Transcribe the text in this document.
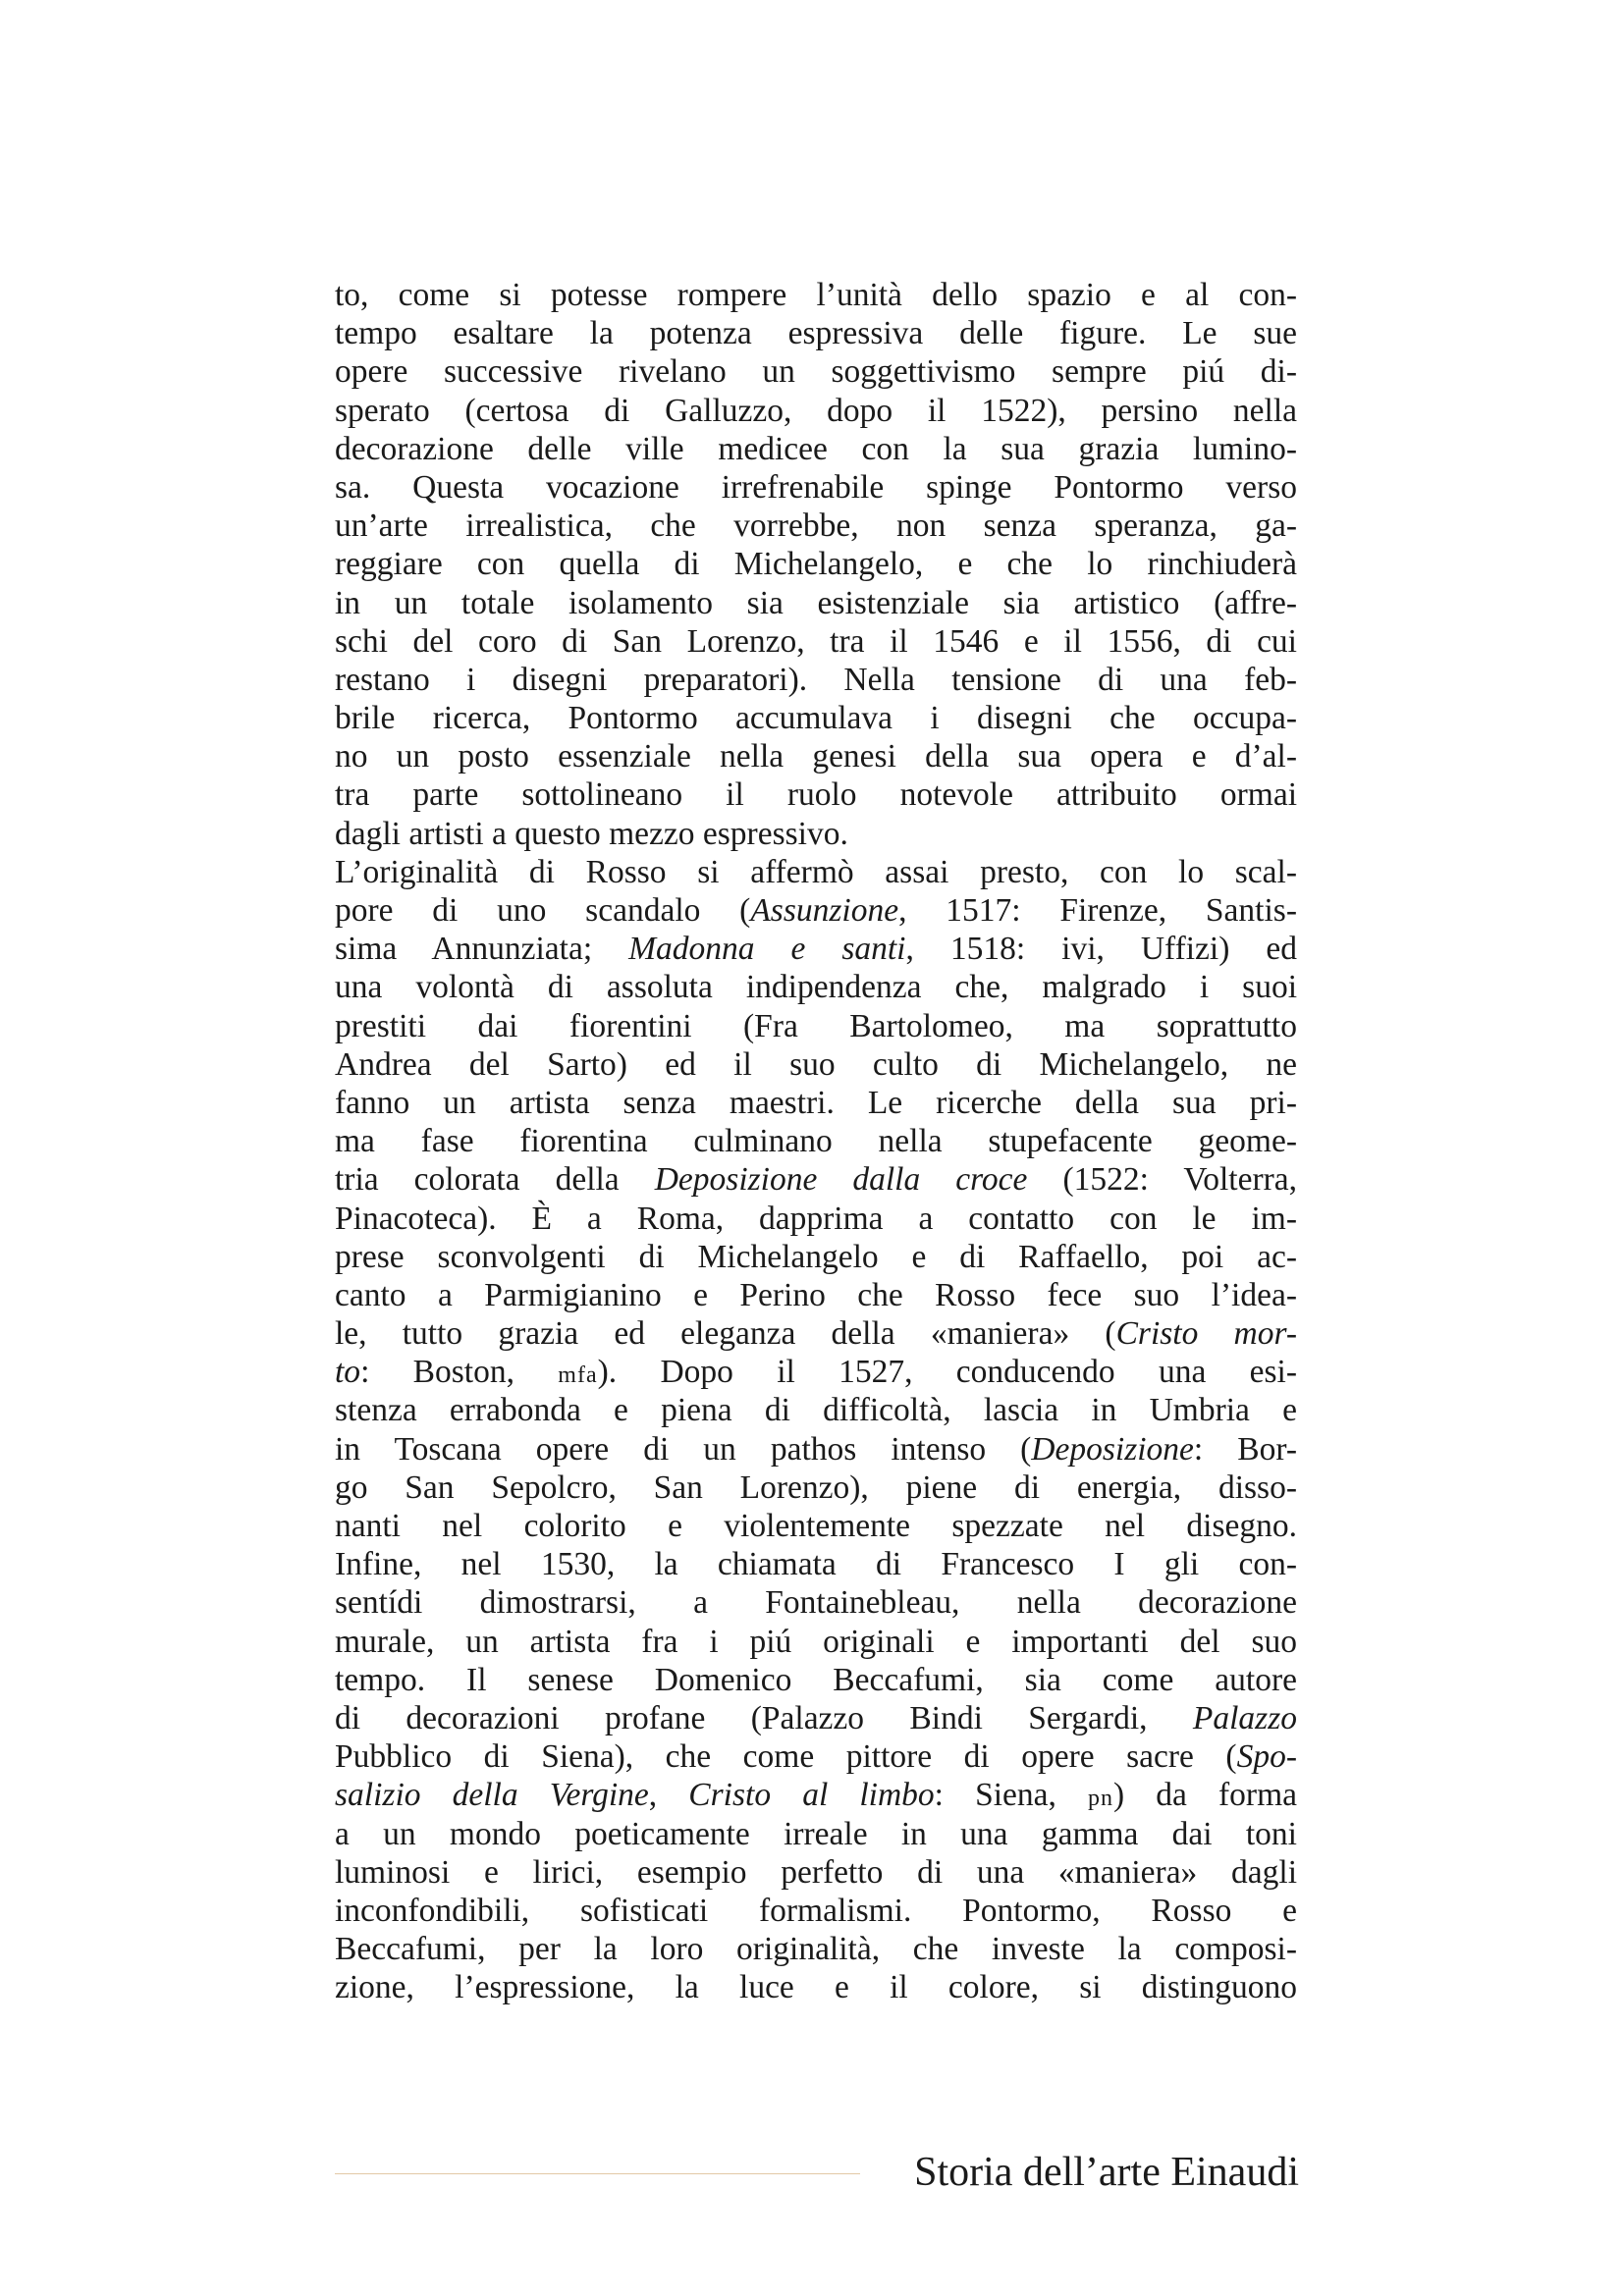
to, come si potesse rompere l’unità dello spazio e al con-
tempo esaltare la potenza espressiva delle figure. Le sue
opere successive rivelano un soggettivismo sempre piú di-
sperato (certosa di Galluzzo, dopo il 1522), persino nella
decorazione delle ville medicee con la sua grazia lumino-
sa. Questa vocazione irrefrenabile spinge Pontormo verso
un’arte irrealistica, che vorrebbe, non senza speranza, ga-
reggiare con quella di Michelangelo, e che lo rinchiuderà
in un totale isolamento sia esistenziale sia artistico (affre-
schi del coro di San Lorenzo, tra il 1546 e il 1556, di cui
restano i disegni preparatori). Nella tensione di una feb-
brile ricerca, Pontormo accumulava i disegni che occupa-
no un posto essenziale nella genesi della sua opera e d’al-
tra parte sottolineano il ruolo notevole attribuito ormai
dagli artisti a questo mezzo espressivo.
L’originalità di Rosso si affermò assai presto, con lo scal-
pore di uno scandalo (Assunzione, 1517: Firenze, Santis-
sima Annunziata; Madonna e santi, 1518: ivi, Uffizi) ed
una volontà di assoluta indipendenza che, malgrado i suoi
prestiti dai fiorentini (Fra Bartolomeo, ma soprattutto
Andrea del Sarto) ed il suo culto di Michelangelo, ne
fanno un artista senza maestri. Le ricerche della sua pri-
ma fase fiorentina culminano nella stupefacente geome-
tria colorata della Deposizione dalla croce (1522: Volterra,
Pinacoteca). È a Roma, dapprima a contatto con le im-
prese sconvolgenti di Michelangelo e di Raffaello, poi ac-
canto a Parmigianino e Perino che Rosso fece suo l’idea-
le, tutto grazia ed eleganza della «maniera» (Cristo mor-
to: Boston, mfa). Dopo il 1527, conducendo una esi-
stenza errabonda e piena di difficoltà, lascia in Umbria e
in Toscana opere di un pathos intenso (Deposizione: Bor-
go San Sepolcro, San Lorenzo), piene di energia, disso-
nanti nel colorito e violentemente spezzate nel disegno.
Infine, nel 1530, la chiamata di Francesco I gli con-
sentídi dimostrarsi, a Fontainebleau, nella decorazione
murale, un artista fra i piú originali e importanti del suo
tempo. Il senese Domenico Beccafumi, sia come autore
di decorazioni profane (Palazzo Bindi Sergardi, Palazzo
Pubblico di Siena), che come pittore di opere sacre (Spo-
salizio della Vergine, Cristo al limbo: Siena, pn) da forma
a un mondo poeticamente irreale in una gamma dai toni
luminosi e lirici, esempio perfetto di una «maniera» dagli
inconfondibili, sofisticati formalismi. Pontormo, Rosso e
Beccafumi, per la loro originalità, che investe la composi-
zione, l’espressione, la luce e il colore, si distinguono
Storia dell’arte Einaudi
